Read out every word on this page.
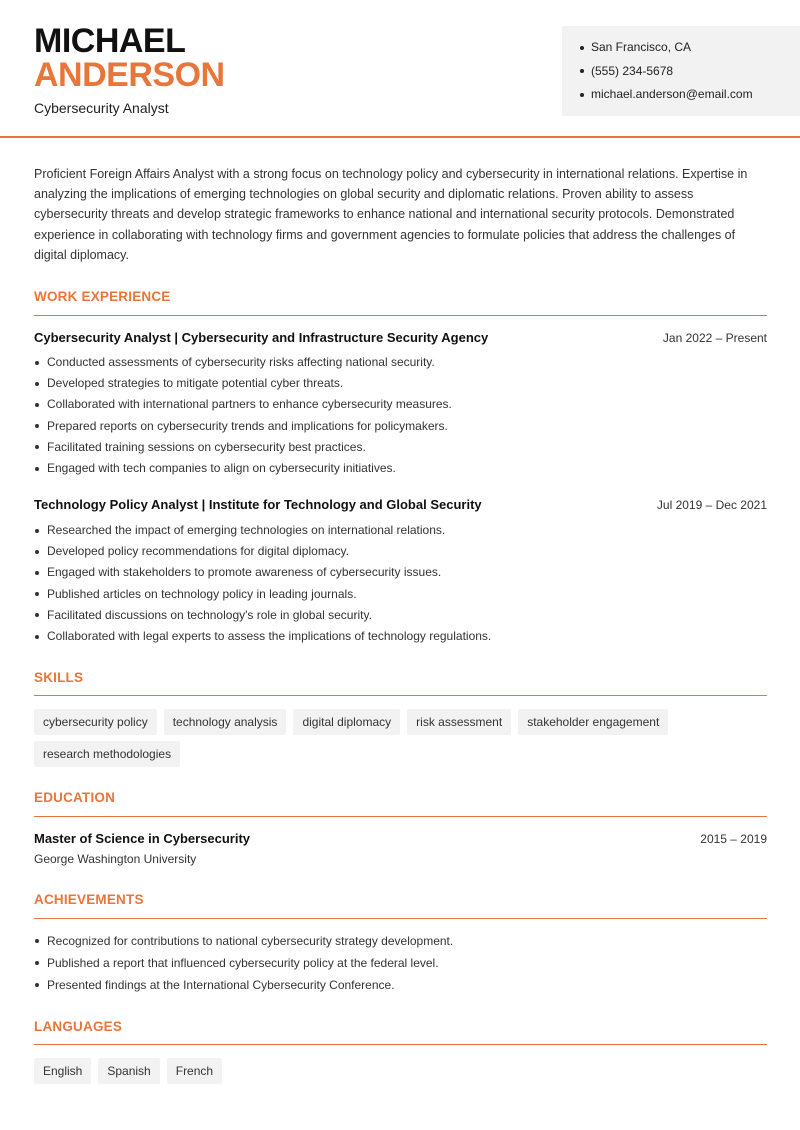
MICHAEL
ANDERSON
Cybersecurity Analyst
San Francisco, CA
(555) 234-5678
michael.anderson@email.com

Proficient Foreign Affairs Analyst with a strong focus on technology policy and cybersecurity in international relations. Expertise in analyzing the implications of emerging technologies on global security and diplomatic relations. Proven ability to assess cybersecurity threats and develop strategic frameworks to enhance national and international security protocols. Demonstrated experience in collaborating with technology firms and government agencies to formulate policies that address the challenges of digital diplomacy.

WORK EXPERIENCE
Cybersecurity Analyst | Cybersecurity and Infrastructure Security Agency	Jan 2022 – Present
Conducted assessments of cybersecurity risks affecting national security.
Developed strategies to mitigate potential cyber threats.
Collaborated with international partners to enhance cybersecurity measures.
Prepared reports on cybersecurity trends and implications for policymakers.
Facilitated training sessions on cybersecurity best practices.
Engaged with tech companies to align on cybersecurity initiatives.
Technology Policy Analyst | Institute for Technology and Global Security	Jul 2019 – Dec 2021
Researched the impact of emerging technologies on international relations.
Developed policy recommendations for digital diplomacy.
Engaged with stakeholders to promote awareness of cybersecurity issues.
Published articles on technology policy in leading journals.
Facilitated discussions on technology's role in global security.
Collaborated with legal experts to assess the implications of technology regulations.
SKILLS
cybersecurity policy	technology analysis	digital diplomacy	risk assessment	stakeholder engagement
research methodologies
EDUCATION
Master of Science in Cybersecurity	2015 – 2019
George Washington University
ACHIEVEMENTS
Recognized for contributions to national cybersecurity strategy development.
Published a report that influenced cybersecurity policy at the federal level.
Presented findings at the International Cybersecurity Conference.
LANGUAGES
English	Spanish	French
